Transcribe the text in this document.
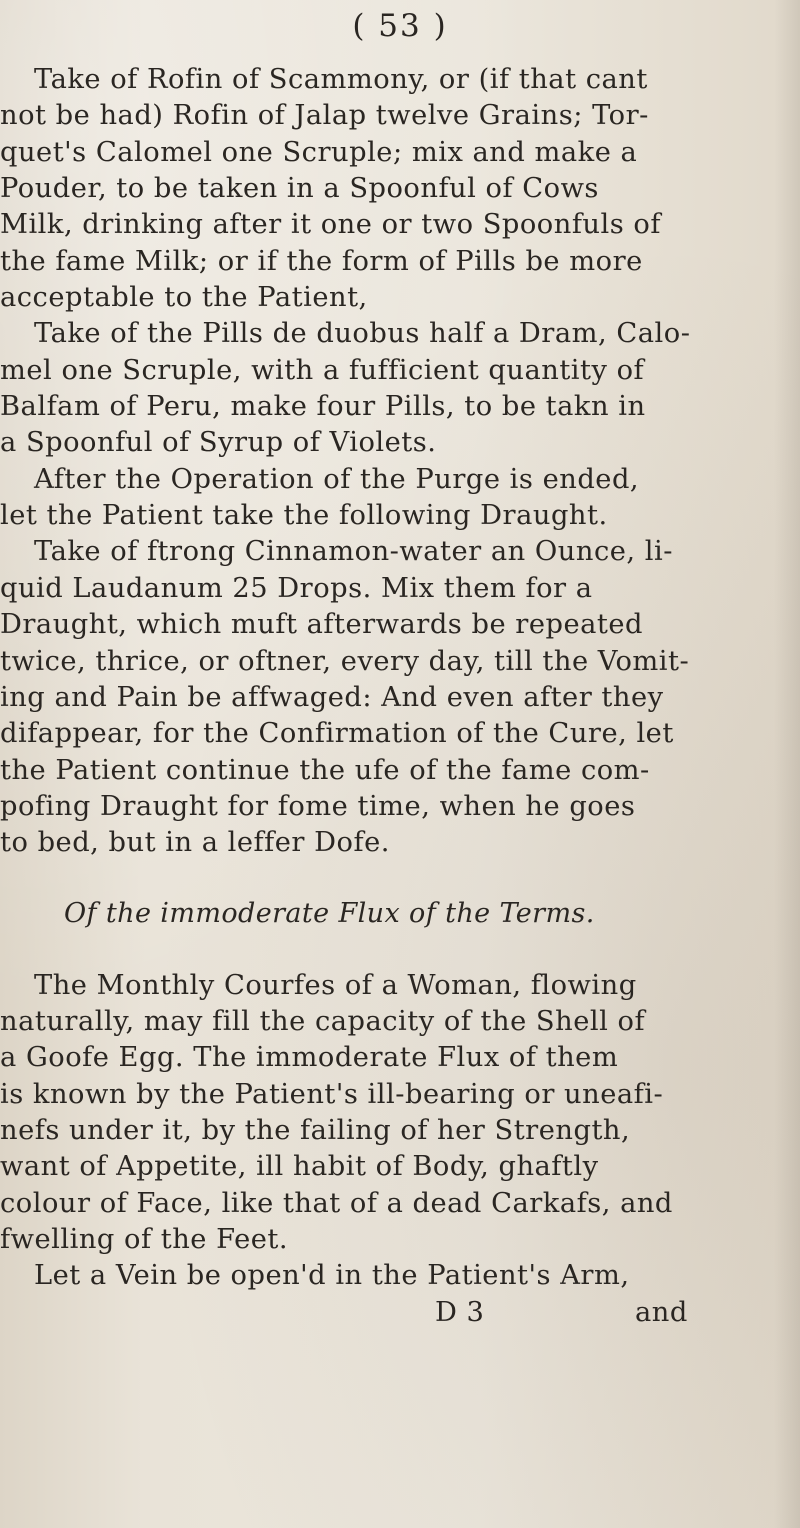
( 53 )
Take of Rofin of Scammony, or (if that cant
not be had) Rofin of Jalap twelve Grains; Tor-
quet's Calomel one Scruple; mix and make a
Pouder, to be taken in a Spoonful of Cows
Milk, drinking after it one or two Spoonfuls of
the fame Milk; or if the form of Pills be more
acceptable to the Patient,
Take of the Pills de duobus half a Dram, Calo-
mel one Scruple, with a fufficient quantity of
Balfam of Peru, make four Pills, to be takn in
a Spoonful of Syrup of Violets.
After the Operation of the Purge is ended,
let the Patient take the following Draught.
Take of ftrong Cinnamon-water an Ounce, li-
quid Laudanum 25 Drops. Mix them for a
Draught, which muft afterwards be repeated
twice, thrice, or oftner, every day, till the Vomit-
ing and Pain be affwaged: And even after they
difappear, for the Confirmation of the Cure, let
the Patient continue the ufe of the fame com-
pofing Draught for fome time, when he goes
to bed, but in a leffer Dofe.
Of the immoderate Flux of the Terms.
The Monthly Courfes of a Woman, flowing
naturally, may fill the capacity of the Shell of
a Goofe Egg. The immoderate Flux of them
is known by the Patient's ill-bearing or uneafi-
nefs under it, by the failing of her Strength,
want of Appetite, ill habit of Body, ghaftly
colour of Face, like that of a dead Carkafs, and
fwelling of the Feet.
Let a Vein be open'd in the Patient's Arm,
D 3	and
